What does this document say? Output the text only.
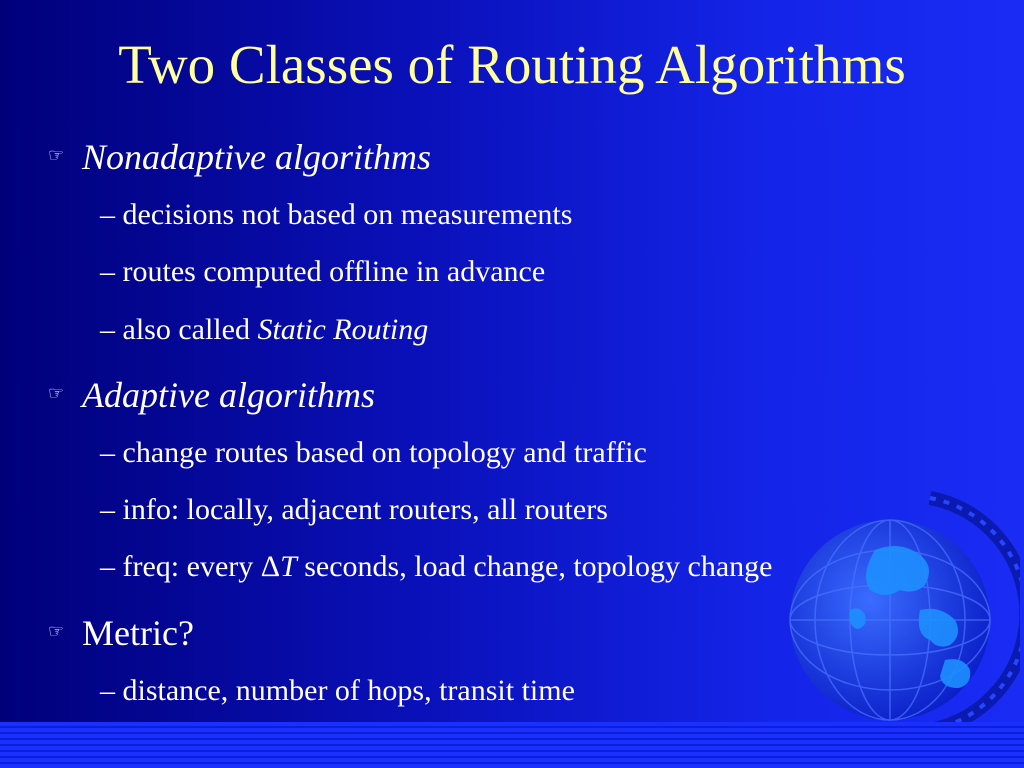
Two Classes of Routing Algorithms
☞ Nonadaptive algorithms
– decisions not based on measurements
– routes computed offline in advance
– also called Static Routing
☞ Adaptive algorithms
– change routes based on topology and traffic
– info: locally, adjacent routers, all routers
– freq: every ΔT seconds, load change, topology change
☞ Metric?
– distance, number of hops, transit time
